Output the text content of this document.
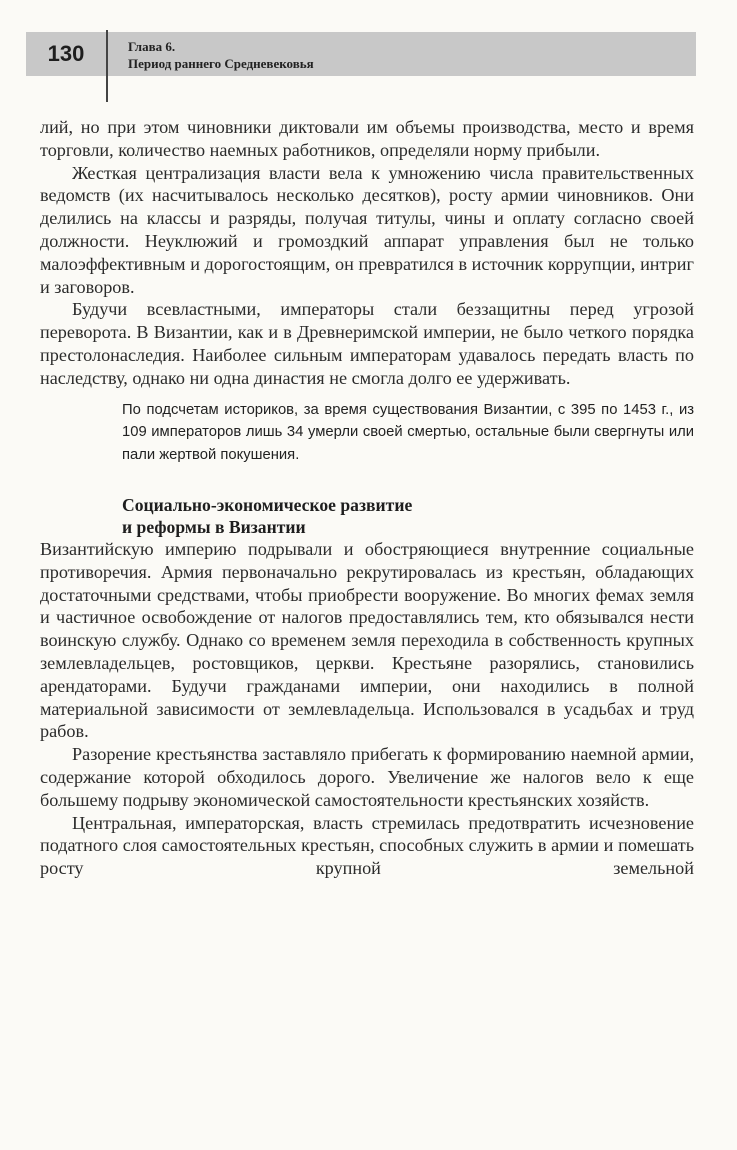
130	Глава 6.
Период раннего Средневековья

лий, но при этом чиновники диктовали им объемы производства, место и время торговли, количество наемных работников, определяли норму прибыли.

Жесткая централизация власти вела к умножению числа правительственных ведомств (их насчитывалось несколько десятков), росту армии чиновников. Они делились на классы и разряды, получая титулы, чины и оплату согласно своей должности. Неуклюжий и громоздкий аппарат управления был не только малоэффективным и дорогостоящим, он превратился в источник коррупции, интриг и заговоров.

Будучи всевластными, императоры стали беззащитны перед угрозой переворота. В Византии, как и в Древнеримской империи, не было четкого порядка престолонаследия. Наиболее сильным императорам удавалось передать власть по наследству, однако ни одна династия не смогла долго ее удерживать.

По подсчетам историков, за время существования Византии, с 395 по 1453 г., из 109 императоров лишь 34 умерли своей смертью, остальные были свергнуты или пали жертвой покушения.
Социально-экономическое развитие
и реформы в Византии

Византийскую империю подрывали и обостряющиеся внутренние социальные противоречия. Армия первоначально рекрутировалась из крестьян, обладающих достаточными средствами, чтобы приобрести вооружение. Во многих фемах земля и частичное освобождение от налогов предоставлялись тем, кто обязывался нести воинскую службу. Однако со временем земля переходила в собственность крупных землевладельцев, ростовщиков, церкви. Крестьяне разорялись, становились арендаторами. Будучи гражданами империи, они находились в полной материальной зависимости от землевладельца. Использовался в усадьбах и труд рабов.

Разорение крестьянства заставляло прибегать к формированию наемной армии, содержание которой обходилось дорого. Увеличение же налогов вело к еще большему подрыву экономической самостоятельности крестьянских хозяйств.

Центральная, императорская, власть стремилась предотвратить исчезновение податного слоя самостоятельных крестьян, способных служить в армии и помешать росту крупной земельной
